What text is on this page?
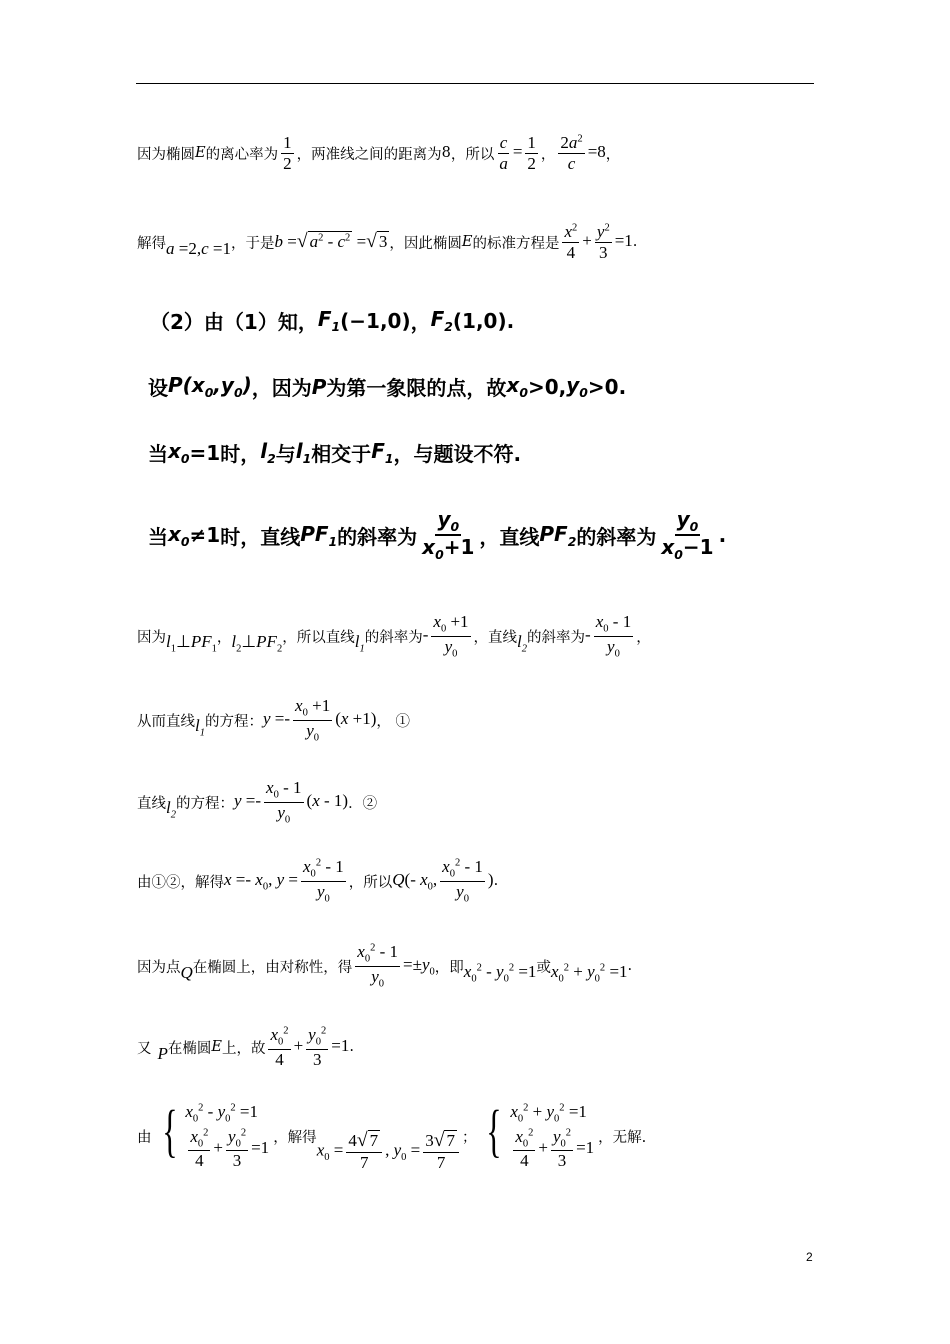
因为椭圆 E 的离心率为 $\frac{1}{2}$ ，两准线之间的距离为 8 ，所以 $\frac{c}{a} = \frac{1}{2}$ ， $\frac{2a^2}{c} =8$ ，
解得 a =2,c =1 ，于是 b = √ $a^2 - c^2$ = √ 3 ，因此椭圆 E 的标准方程是 $\frac{x^2}{4} + \frac{y^2}{3} =1$ .
（2）由（1）知， $F_1$ (−1,0) ， $F_2$ (1,0) .
设 $P(x_0,y_0)$ ，因为 P 为第一象限的点，故 $x_0 >0$, $y_0 >0$.
当 $x_0 =1$ 时， $l_2$ 与 $l_1$ 相交于 $F_1$ ，与题设不符.
当 $x_0 \ne 1$ 时，直线 $PF_1$ 的斜率为 $\frac{y_0}{x_0+1}$ ，直线 $PF_2$ 的斜率为 $\frac{y_0}{x_0-1}$ .
因为 $l_1\perp PF_1$
， $l_2\perp PF_2$
，所以直线 $l_1$
的斜率为 - $\frac{x_0 +1}{y_0}$ ，直线 $l_2$
的斜率为 - $\frac{x_0 - 1}{y_0}$ ，
从而直线 $l_1$
的方程： $y =- \frac{x_0 +1}{y_0} (x +1)$ ， ①
直线 $l_2$
的方程： $y =- \frac{x_0 - 1}{y_0} (x - 1)$ ．②
由①②，解得 $x =- x_0$, $y = \frac{x_0^2 - 1}{y_0}$ ，所以 Q(- $x_0$, $\frac{x_0^2 - 1}{y_0}$ ) .
因为点 Q 在椭圆上，由对称性，得 $\frac{x_0^2 - 1}{y_0} =\pm y_0$ ，即 $x_0^2 - y_0^2 =1$ 或 $x_0^2 + y_0^2 =1$ .
又 P 在椭圆 E 上，故 $\frac{x_0^2}{4} + \frac{y_0^2}{3} =1$ .
由 { $x_0^2 - y_0^2 =1$
$\frac{x_0^2}{4} + \frac{y_0^2}{3} =1$ ，解得
$x_0 = \frac{4 √ 7}{7}$ , $y_0 = \frac{3 √ 7}{7}$ ； { $x_0^2 + y_0^2 =1$
$\frac{x_0^2}{4} + \frac{y_0^2}{3} =1$ ，无解.
2
